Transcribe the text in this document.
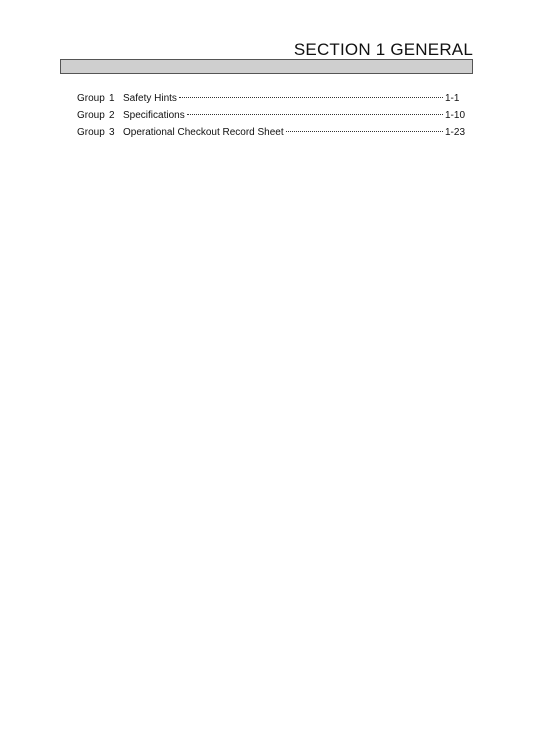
SECTION 1 GENERAL
Group 1 Safety Hints	1-1
Group 2 Specifications	1-10
Group 3 Operational Checkout Record Sheet	1-23
